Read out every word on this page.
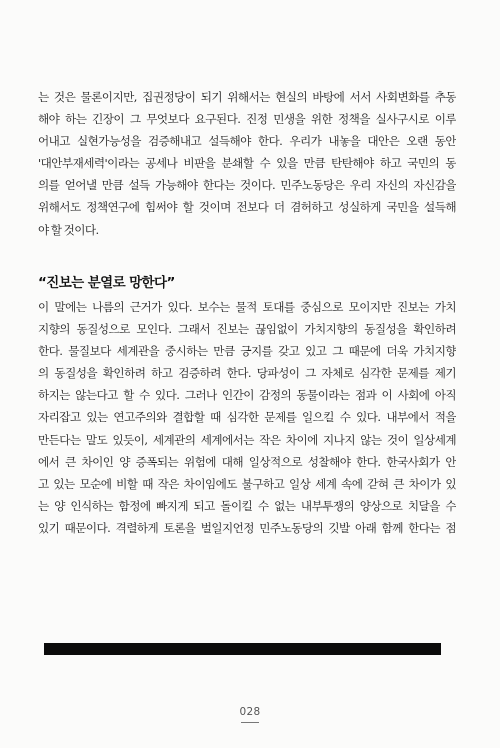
는 것은 물론이지만, 집권정당이 되기 위해서는 현실의 바탕에 서서 사회변화를 추동
해야 하는 긴장이 그 무엇보다 요구된다. 진정 민생을 위한 정책을 실사구시로 이루
어내고 실현가능성을 검증해내고 설득해야 한다. 우리가 내놓을 대안은 오랜 동안
'대안부재세력'이라는 공세나 비판을 분쇄할 수 있을 만큼 탄탄해야 하고 국민의 동
의를 얻어낼 만큼 설득 가능해야 한다는 것이다. 민주노동당은 우리 자신의 자신감을
위해서도 정책연구에 힘써야 할 것이며 전보다 더 겸허하고 성실하게 국민을 설득해
야 할 것이다.
“진보는 분열로 망한다”
이 말에는 나름의 근거가 있다. 보수는 물적 토대를 중심으로 모이지만 진보는 가치
지향의 동질성으로 모인다. 그래서 진보는 끊임없이 가치지향의 동질성을 확인하려
한다. 물질보다 세계관을 중시하는 만큼 긍지를 갖고 있고 그 때문에 더욱 가치지향
의 동질성을 확인하려 하고 검증하려 한다. 당파성이 그 자체로 심각한 문제를 제기
하지는 않는다고 할 수 있다. 그러나 인간이 감정의 동물이라는 점과 이 사회에 아직
자리잡고 있는 연고주의와 결합할 때 심각한 문제를 일으킬 수 있다. 내부에서 적을
만든다는 말도 있듯이, 세계관의 세계에서는 작은 차이에 지나지 않는 것이 일상세계
에서 큰 차이인 양 증폭되는 위험에 대해 일상적으로 성찰해야 한다. 한국사회가 안
고 있는 모순에 비할 때 작은 차이임에도 불구하고 일상 세계 속에 갇혀 큰 차이가 있
는 양 인식하는 함정에 빠지게 되고 돌이킬 수 없는 내부투쟁의 양상으로 치달을 수
있기 때문이다. 격렬하게 토론을 벌일지언정 민주노동당의 깃발 아래 함께 한다는 점
028
